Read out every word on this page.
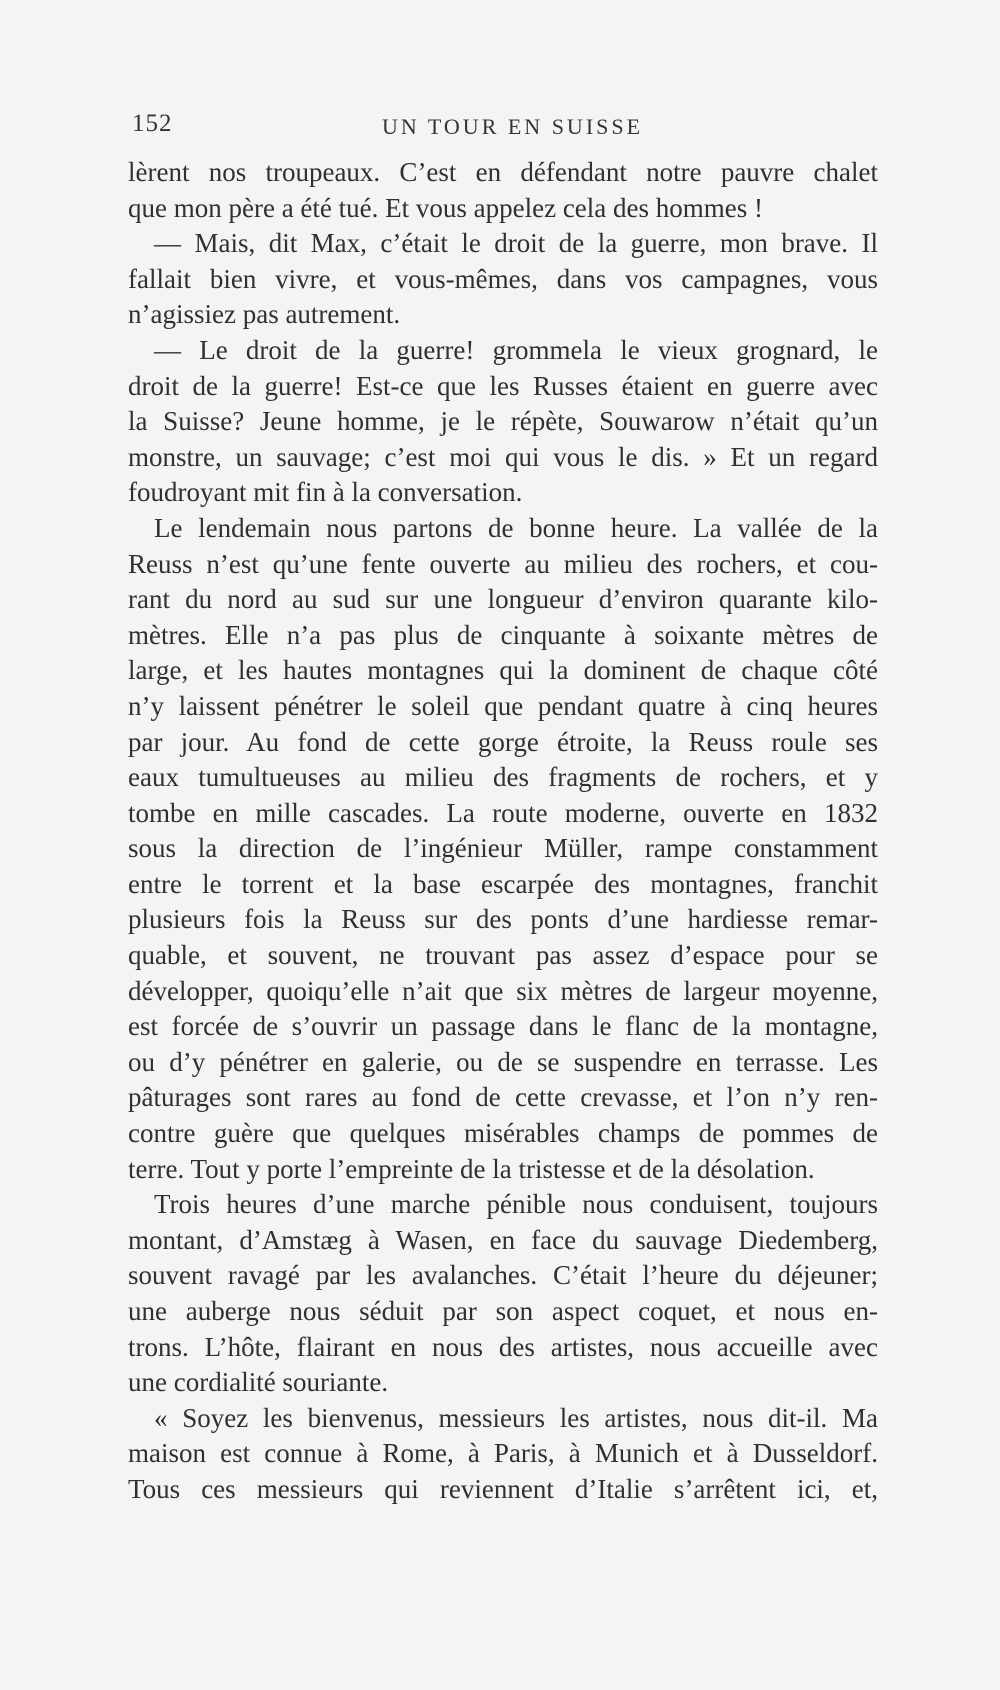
152	UN TOUR EN SUISSE
lèrent nos troupeaux. C’est en défendant notre pauvre chalet
que mon père a été tué. Et vous appelez cela des hommes !
— Mais, dit Max, c’était le droit de la guerre, mon brave. Il
fallait bien vivre, et vous-mêmes, dans vos campagnes, vous
n’agissiez pas autrement.
— Le droit de la guerre! grommela le vieux grognard, le
droit de la guerre! Est-ce que les Russes étaient en guerre avec
la Suisse? Jeune homme, je le répète, Souwarow n’était qu’un
monstre, un sauvage; c’est moi qui vous le dis. » Et un regard
foudroyant mit fin à la conversation.
Le lendemain nous partons de bonne heure. La vallée de la
Reuss n’est qu’une fente ouverte au milieu des rochers, et cou-
rant du nord au sud sur une longueur d’environ quarante kilo-
mètres. Elle n’a pas plus de cinquante à soixante mètres de
large, et les hautes montagnes qui la dominent de chaque côté
n’y laissent pénétrer le soleil que pendant quatre à cinq heures
par jour. Au fond de cette gorge étroite, la Reuss roule ses
eaux tumultueuses au milieu des fragments de rochers, et y
tombe en mille cascades. La route moderne, ouverte en 1832
sous la direction de l’ingénieur Müller, rampe constamment
entre le torrent et la base escarpée des montagnes, franchit
plusieurs fois la Reuss sur des ponts d’une hardiesse remar-
quable, et souvent, ne trouvant pas assez d’espace pour se
développer, quoiqu’elle n’ait que six mètres de largeur moyenne,
est forcée de s’ouvrir un passage dans le flanc de la montagne,
ou d’y pénétrer en galerie, ou de se suspendre en terrasse. Les
pâturages sont rares au fond de cette crevasse, et l’on n’y ren-
contre guère que quelques misérables champs de pommes de
terre. Tout y porte l’empreinte de la tristesse et de la désolation.
Trois heures d’une marche pénible nous conduisent, toujours
montant, d’Amstæg à Wasen, en face du sauvage Diedemberg,
souvent ravagé par les avalanches. C’était l’heure du déjeuner;
une auberge nous séduit par son aspect coquet, et nous en-
trons. L’hôte, flairant en nous des artistes, nous accueille avec
une cordialité souriante.
« Soyez les bienvenus, messieurs les artistes, nous dit-il. Ma
maison est connue à Rome, à Paris, à Munich et à Dusseldorf.
Tous ces messieurs qui reviennent d’Italie s’arrêtent ici, et,
